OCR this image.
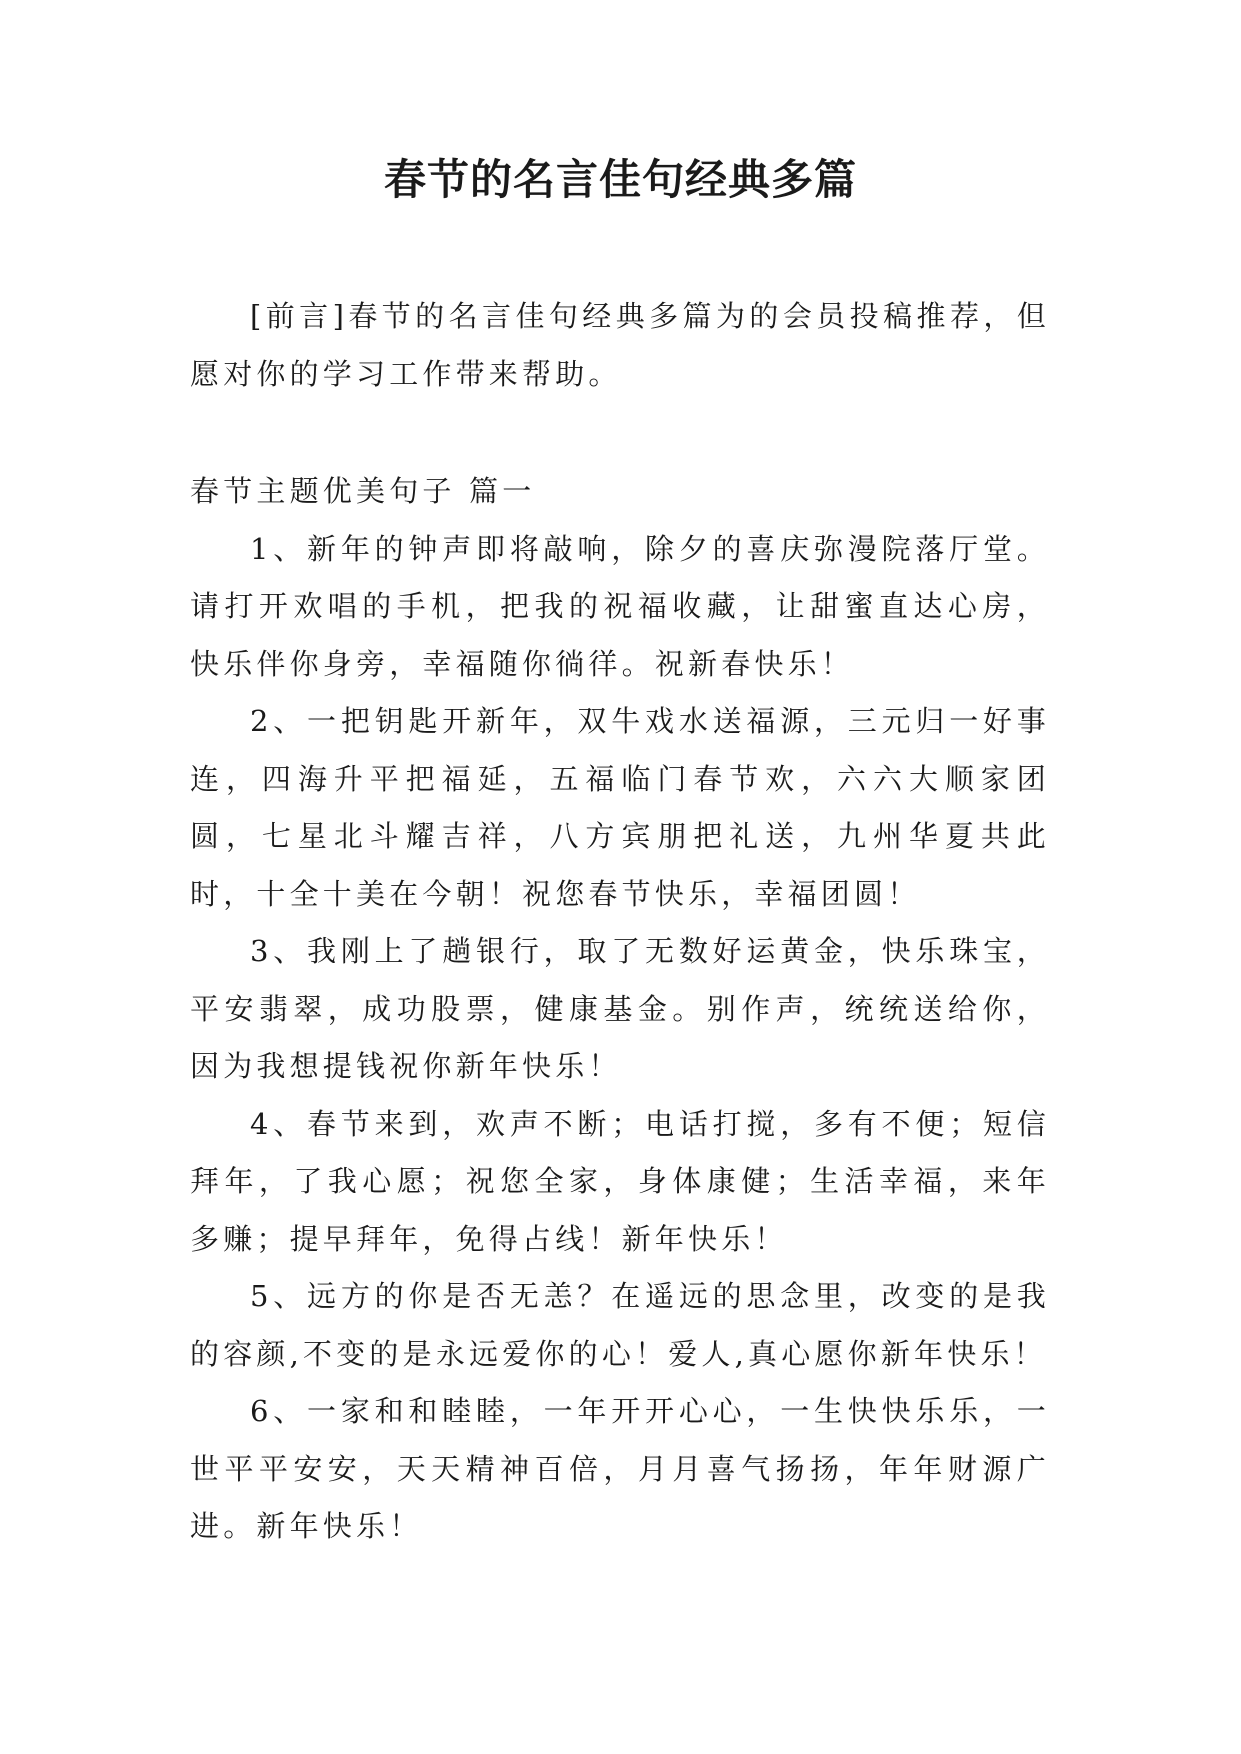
春节的名言佳句经典多篇

[前言]春节的名言佳句经典多篇为的会员投稿推荐，但愿对你的学习工作带来帮助。

春节主题优美句子 篇一

1、新年的钟声即将敲响，除夕的喜庆弥漫院落厅堂。请打开欢唱的手机，把我的祝福收藏，让甜蜜直达心房，快乐伴你身旁，幸福随你徜徉。祝新春快乐！

2、一把钥匙开新年，双牛戏水送福源，三元归一好事连，四海升平把福延，五福临门春节欢，六六大顺家团圆，七星北斗耀吉祥，八方宾朋把礼送，九州华夏共此时，十全十美在今朝！祝您春节快乐，幸福团圆！

3、我刚上了趟银行，取了无数好运黄金，快乐珠宝，平安翡翠，成功股票，健康基金。别作声，统统送给你，因为我想提钱祝你新年快乐！

4、春节来到，欢声不断；电话打搅，多有不便；短信拜年，了我心愿；祝您全家，身体康健；生活幸福，来年多赚；提早拜年，免得占线！新年快乐！

5、远方的你是否无恙？在遥远的思念里，改变的是我的容颜,不变的是永远爱你的心！爱人,真心愿你新年快乐！

6、一家和和睦睦，一年开开心心，一生快快乐乐，一世平平安安，天天精神百倍，月月喜气扬扬，年年财源广进。新年快乐！
